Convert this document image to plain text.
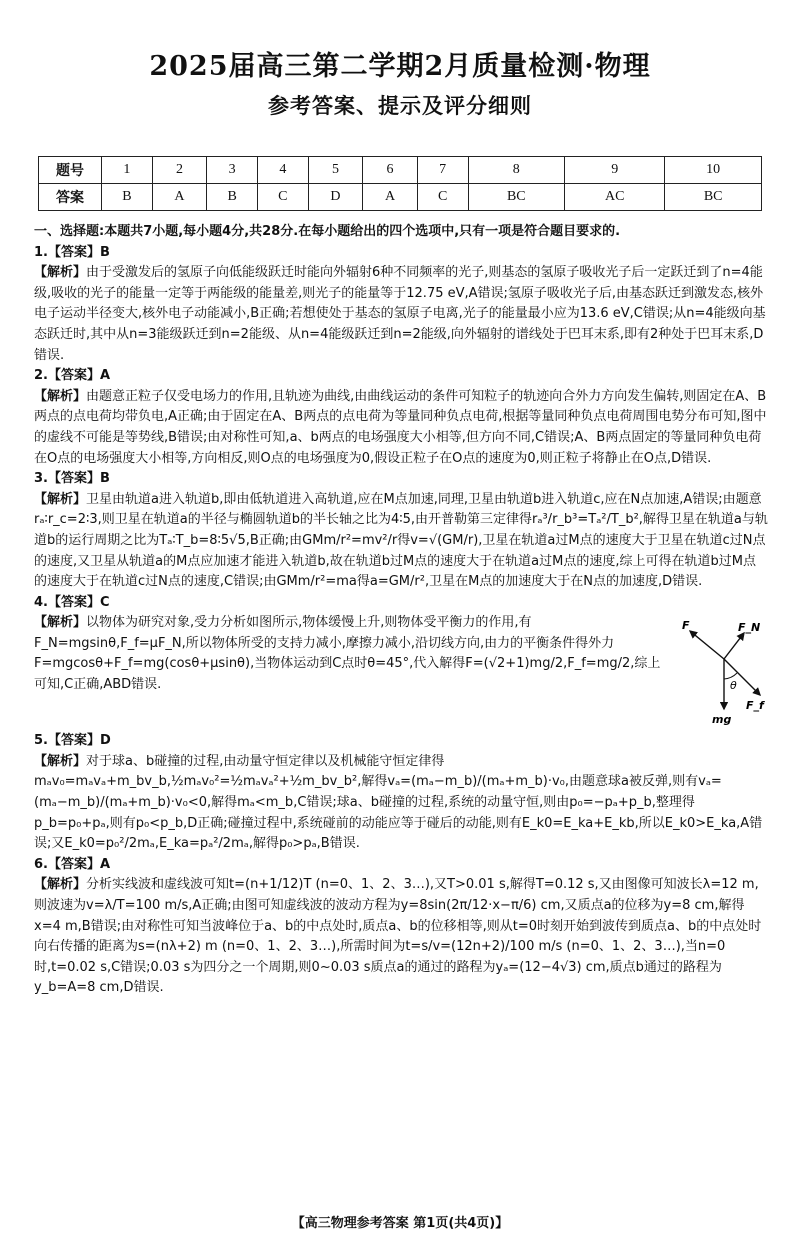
2025届高三第二学期2月质量检测·物理
参考答案、提示及评分细则
题号	1	2	3	4	5	6	7	8	9	10
答案	B	A	B	C	D	A	C	BC	AC	BC

一、选择题:本题共7小题,每小题4分,共28分.在每小题给出的四个选项中,只有一项是符合题目要求的.

1.【答案】B

【解析】由于受激发后的氢原子向低能级跃迁时能向外辐射6种不同频率的光子,则基态的氢原子吸收光子后一定跃迁到了n=4能级,吸收的光子的能量一定等于两能级的能量差,则光子的能量等于12.75 eV,A错误;氢原子吸收光子后,由基态跃迁到激发态,核外电子运动半径变大,核外电子动能减小,B正确;若想使处于基态的氢原子电离,光子的能量最小应为13.6 eV,C错误;从n=4能级向基态跃迁时,其中从n=3能级跃迁到n=2能级、从n=4能级跃迁到n=2能级,向外辐射的谱线处于巴耳末系,即有2种处于巴耳末系,D错误.

2.【答案】A

【解析】由题意正粒子仅受电场力的作用,且轨迹为曲线,由曲线运动的条件可知粒子的轨迹向合外力方向发生偏转,则固定在A、B两点的点电荷均带负电,A正确;由于固定在A、B两点的点电荷为等量同种负点电荷,根据等量同种负点电荷周围电势分布可知,图中的虚线不可能是等势线,B错误;由对称性可知,a、b两点的电场强度大小相等,但方向不同,C错误;A、B两点固定的等量同种负电荷在O点的电场强度大小相等,方向相反,则O点的电场强度为0,假设正粒子在O点的速度为0,则正粒子将静止在O点,D错误.

3.【答案】B

【解析】卫星由轨道a进入轨道b,即由低轨道进入高轨道,应在M点加速,同理,卫星由轨道b进入轨道c,应在N点加速,A错误;由题意rₐ∶r_c=2∶3,则卫星在轨道a的半径与椭圆轨道b的半长轴之比为4∶5,由开普勒第三定律得rₐ³/r_b³=Tₐ²/T_b²,解得卫星在轨道a与轨道b的运行周期之比为Tₐ∶T_b=8∶5√5,B正确;由GMm/r²=mv²/r得v=√(GM/r),卫星在轨道a过M点的速度大于卫星在轨道c过N点的速度,又卫星从轨道a的M点应加速才能进入轨道b,故在轨道b过M点的速度大于在轨道a过M点的速度,综上可得在轨道b过M点的速度大于在轨道c过N点的速度,C错误;由GMm/r²=ma得a=GM/r²,卫星在M点的加速度大于在N点的加速度,D错误.

4.【答案】C

F	F_N
θ
F_f
mg

【解析】以物体为研究对象,受力分析如图所示,物体缓慢上升,则物体受平衡力的作用,有F_N=mgsinθ,F_f=μF_N,所以物体所受的支持力减小,摩擦力减小,沿切线方向,由力的平衡条件得外力F=mgcosθ+F_f=mg(cosθ+μsinθ),当物体运动到C点时θ=45°,代入解得F=(√2+1)mg/2,F_f=mg/2,综上可知,C正确,ABD错误.

5.【答案】D

【解析】对于球a、b碰撞的过程,由动量守恒定律以及机械能守恒定律得mₐv₀=mₐvₐ+m_bv_b,½mₐv₀²=½mₐvₐ²+½m_bv_b²,解得vₐ=(mₐ−m_b)/(mₐ+m_b)·v₀,由题意球a被反弹,则有vₐ=(mₐ−m_b)/(mₐ+m_b)·v₀<0,解得mₐ<m_b,C错误;球a、b碰撞的过程,系统的动量守恒,则由p₀=−pₐ+p_b,整理得p_b=p₀+pₐ,则有p₀<p_b,D正确;碰撞过程中,系统碰前的动能应等于碰后的动能,则有E_k0=E_ka+E_kb,所以E_k0>E_ka,A错误;又E_k0=p₀²/2mₐ,E_ka=pₐ²/2mₐ,解得p₀>pₐ,B错误.

6.【答案】A

【解析】分析实线波和虚线波可知t=(n+1/12)T (n=0、1、2、3…),又T>0.01 s,解得T=0.12 s,又由图像可知波长λ=12 m,则波速为v=λ/T=100 m/s,A正确;由图可知虚线波的波动方程为y=8sin(2π/12·x−π/6) cm,又质点a的位移为y=8 cm,解得x=4 m,B错误;由对称性可知当波峰位于a、b的中点处时,质点a、b的位移相等,则从t=0时刻开始到波传到质点a、b的中点处时向右传播的距离为s=(nλ+2) m (n=0、1、2、3…),所需时间为t=s/v=(12n+2)/100 m/s (n=0、1、2、3…),当n=0时,t=0.02 s,C错误;0.03 s为四分之一个周期,则0~0.03 s质点a的通过的路程为yₐ=(12−4√3) cm,质点b通过的路程为y_b=A=8 cm,D错误.

【高三物理参考答案 第1页(共4页)】
